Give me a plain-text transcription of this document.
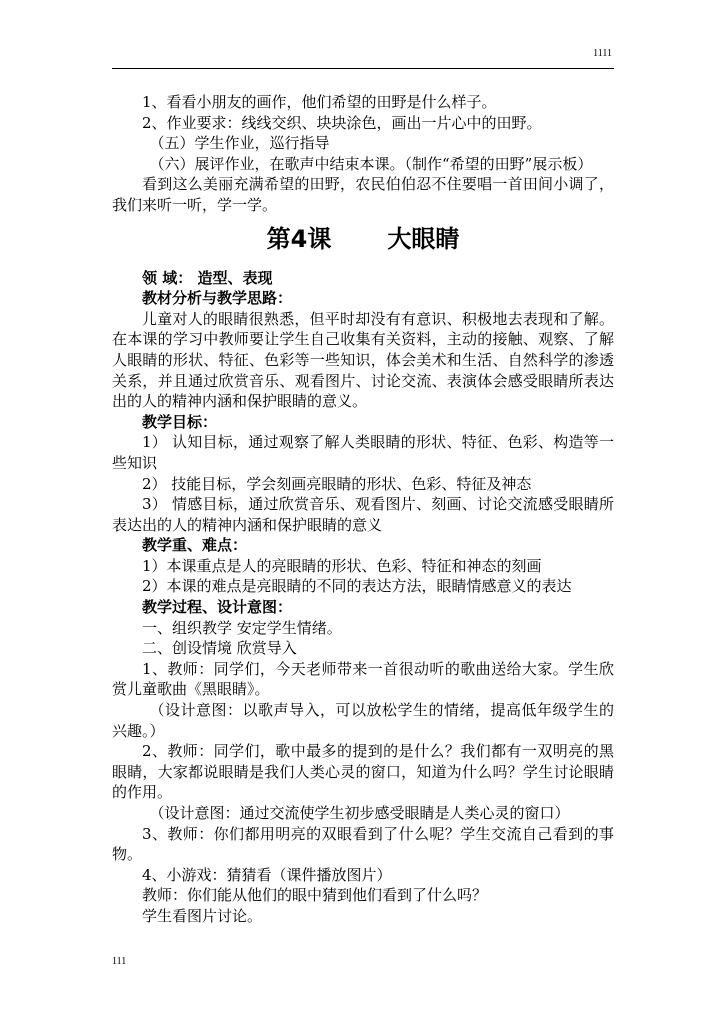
1111

1、看看小朋友的画作，他们希望的田野是什么样子。

2、作业要求：线线交织、块块涂色，画出一片心中的田野。

（五）学生作业，巡行指导

（六）展评作业，在歌声中结束本课。（制作“希望的田野”展示板）

看到这么美丽充满希望的田野，农民伯伯忍不住要唱一首田间小调了，我们来听一听，学一学。

第4课 大眼睛

领 域： 造型、表现

教材分析与教学思路：

儿童对人的眼睛很熟悉，但平时却没有有意识、积极地去表现和了解。在本课的学习中教师要让学生自己收集有关资料，主动的接触、观察、了解人眼睛的形状、特征、色彩等一些知识，体会美术和生活、自然科学的渗透关系，并且通过欣赏音乐、观看图片、讨论交流、表演体会感受眼睛所表达出的人的精神内涵和保护眼睛的意义。

教学目标：

1） 认知目标，通过观察了解人类眼睛的形状、特征、色彩、构造等一些知识

2） 技能目标，学会刻画亮眼睛的形状、色彩、特征及神态

3） 情感目标，通过欣赏音乐、观看图片、刻画、讨论交流感受眼睛所表达出的人的精神内涵和保护眼睛的意义

教学重、难点：

1）本课重点是人的亮眼睛的形状、色彩、特征和神态的刻画

2）本课的难点是亮眼睛的不同的表达方法，眼睛情感意义的表达

教学过程、设计意图：

一、组织教学 安定学生情绪。

二、创设情境 欣赏导入

1、教师：同学们，今天老师带来一首很动听的歌曲送给大家。学生欣赏儿童歌曲《黑眼睛》。

（设计意图：以歌声导入，可以放松学生的情绪，提高低年级学生的兴趣。）

2、教师：同学们，歌中最多的提到的是什么？我们都有一双明亮的黑眼睛，大家都说眼睛是我们人类心灵的窗口，知道为什么吗？学生讨论眼睛的作用。

（设计意图：通过交流使学生初步感受眼睛是人类心灵的窗口）

3、教师：你们都用明亮的双眼看到了什么呢？学生交流自己看到的事物。

4、小游戏：猜猜看（课件播放图片）

教师：你们能从他们的眼中猜到他们看到了什么吗？

学生看图片讨论。

111
